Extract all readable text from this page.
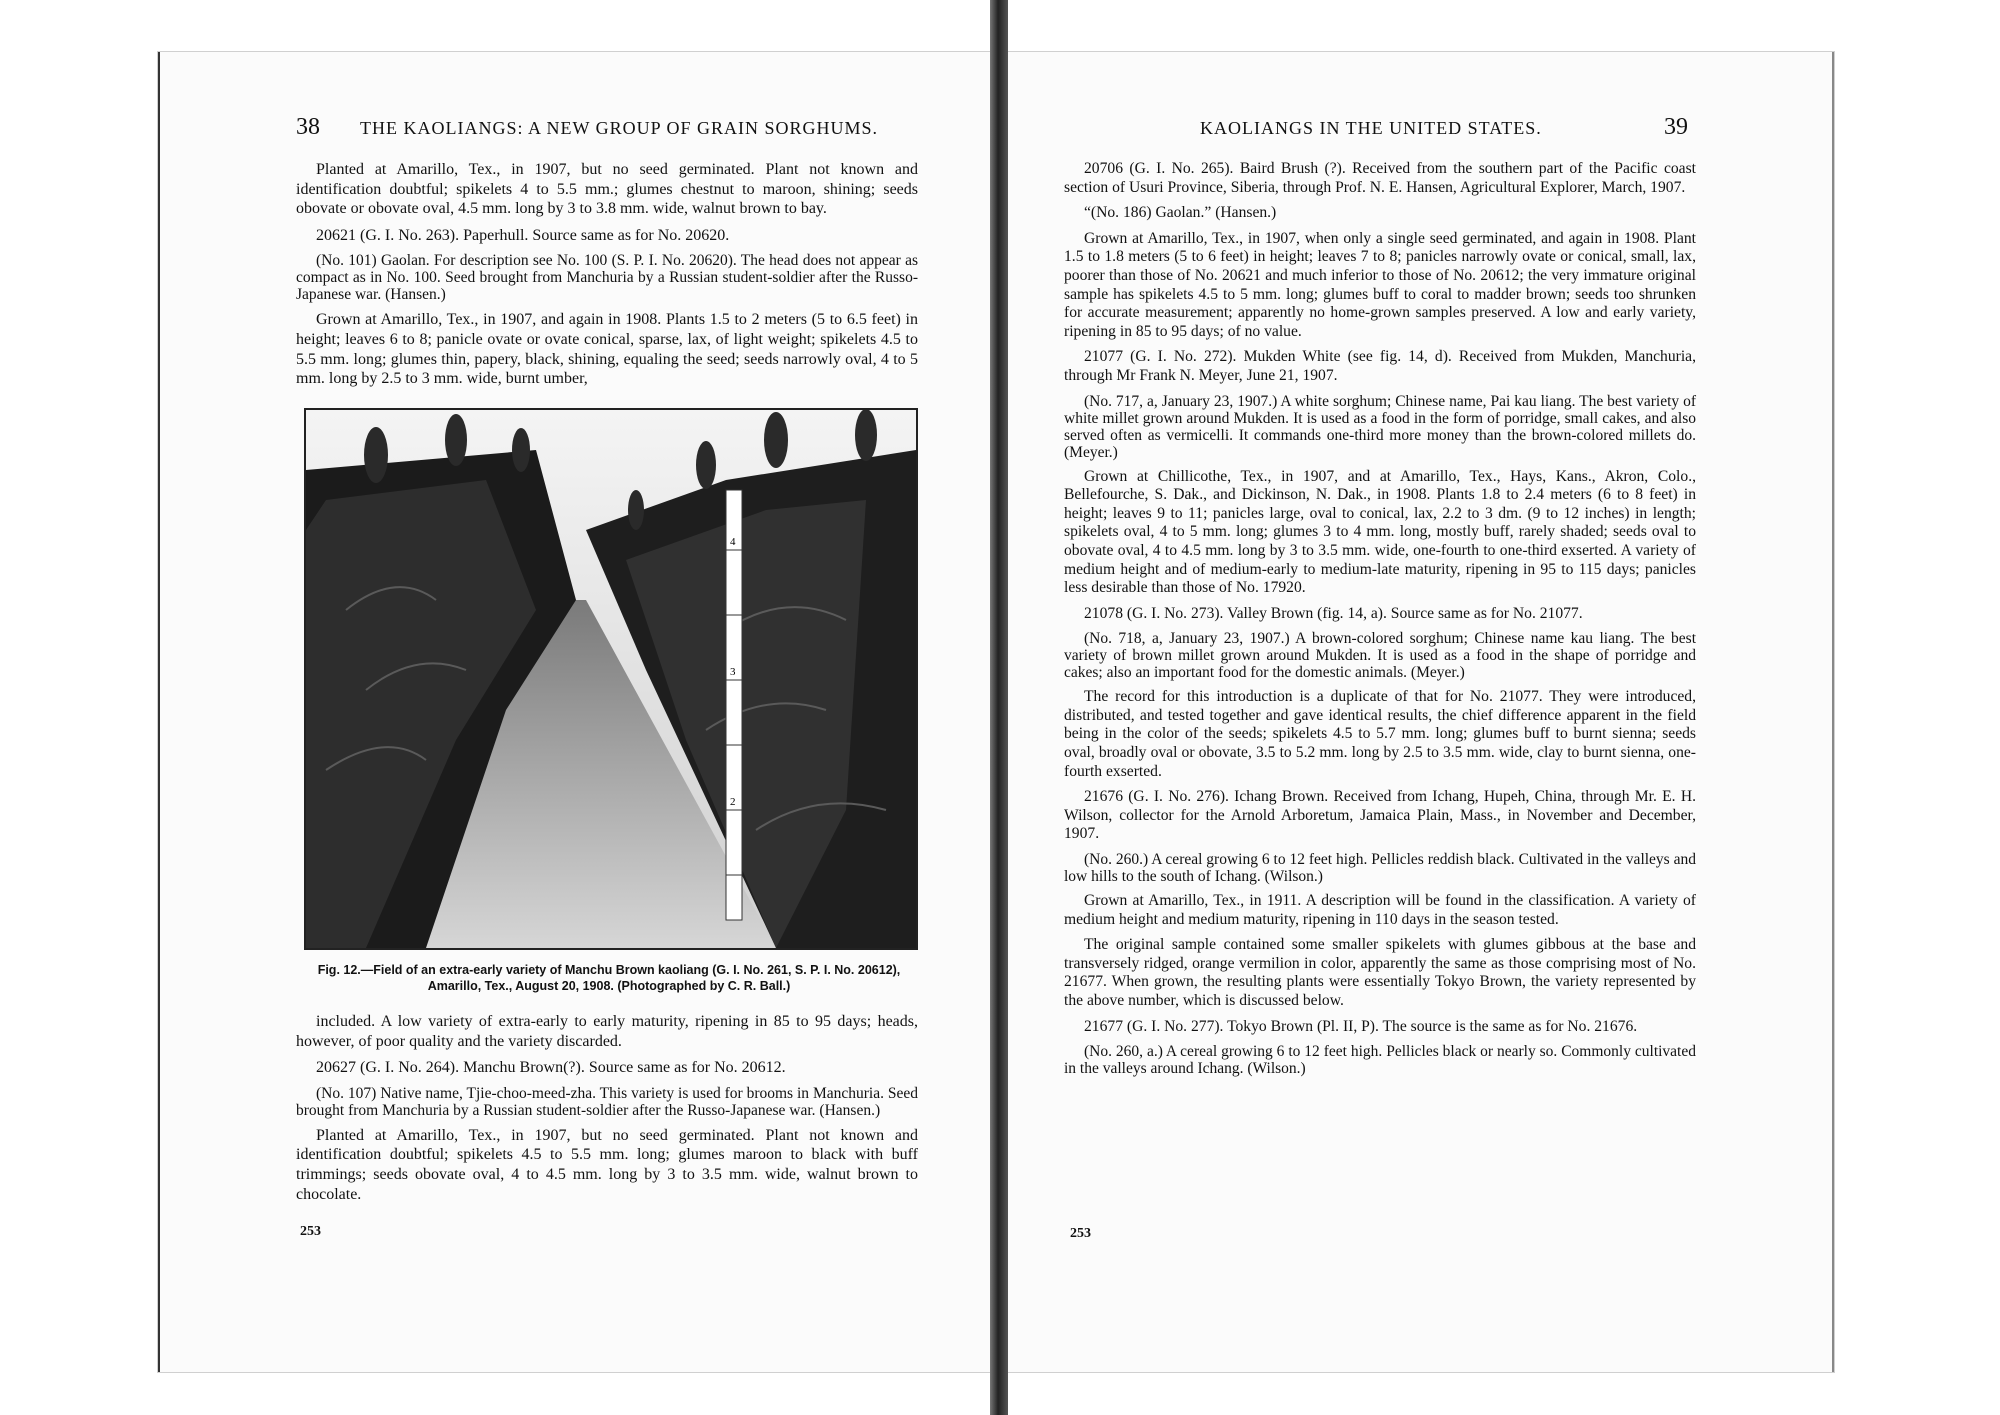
38 THE KAOLIANGS: A NEW GROUP OF GRAIN SORGHUMS.

Planted at Amarillo, Tex., in 1907, but no seed germinated. Plant not known and identification doubtful; spikelets 4 to 5.5 mm.; glumes chestnut to maroon, shining; seeds obovate or obovate oval, 4.5 mm. long by 3 to 3.8 mm. wide, walnut brown to bay.

20621 (G. I. No. 263). Paperhull. Source same as for No. 20620.

(No. 101) Gaolan. For description see No. 100 (S. P. I. No. 20620). The head does not appear as compact as in No. 100. Seed brought from Manchuria by a Russian student-soldier after the Russo-Japanese war. (Hansen.)

Grown at Amarillo, Tex., in 1907, and again in 1908. Plants 1.5 to 2 meters (5 to 6.5 feet) in height; leaves 6 to 8; panicle ovate or ovate conical, sparse, lax, of light weight; spikelets 4.5 to 5.5 mm. long; glumes thin, papery, black, shining, equaling the seed; seeds narrowly oval, 4 to 5 mm. long by 2.5 to 3 mm. wide, burnt umber,

4
3
2
Fig. 12.—Field of an extra-early variety of Manchu Brown kaoliang (G. I. No. 261, S. P. I. No. 20612), Amarillo, Tex., August 20, 1908. (Photographed by C. R. Ball.)

included. A low variety of extra-early to early maturity, ripening in 85 to 95 days; heads, however, of poor quality and the variety discarded.

20627 (G. I. No. 264). Manchu Brown(?). Source same as for No. 20612.

(No. 107) Native name, Tjie-choo-meed-zha. This variety is used for brooms in Manchuria. Seed brought from Manchuria by a Russian student-soldier after the Russo-Japanese war. (Hansen.)

Planted at Amarillo, Tex., in 1907, but no seed germinated. Plant not known and identification doubtful; spikelets 4.5 to 5.5 mm. long; glumes maroon to black with buff trimmings; seeds obovate oval, 4 to 4.5 mm. long by 3 to 3.5 mm. wide, walnut brown to chocolate.

253
KAOLIANGS IN THE UNITED STATES.	39

20706 (G. I. No. 265). Baird Brush (?). Received from the southern part of the Pacific coast section of Usuri Province, Siberia, through Prof. N. E. Hansen, Agricultural Explorer, March, 1907.

“(No. 186) Gaolan.” (Hansen.)

Grown at Amarillo, Tex., in 1907, when only a single seed germinated, and again in 1908. Plant 1.5 to 1.8 meters (5 to 6 feet) in height; leaves 7 to 8; panicles narrowly ovate or conical, small, lax, poorer than those of No. 20621 and much inferior to those of No. 20612; the very immature original sample has spikelets 4.5 to 5 mm. long; glumes buff to coral to madder brown; seeds too shrunken for accurate measurement; apparently no home-grown samples preserved. A low and early variety, ripening in 85 to 95 days; of no value.

21077 (G. I. No. 272). Mukden White (see fig. 14, d). Received from Mukden, Manchuria, through Mr Frank N. Meyer, June 21, 1907.

(No. 717, a, January 23, 1907.) A white sorghum; Chinese name, Pai kau liang. The best variety of white millet grown around Mukden. It is used as a food in the form of porridge, small cakes, and also served often as vermicelli. It commands one-third more money than the brown-colored millets do. (Meyer.)

Grown at Chillicothe, Tex., in 1907, and at Amarillo, Tex., Hays, Kans., Akron, Colo., Bellefourche, S. Dak., and Dickinson, N. Dak., in 1908. Plants 1.8 to 2.4 meters (6 to 8 feet) in height; leaves 9 to 11; panicles large, oval to conical, lax, 2.2 to 3 dm. (9 to 12 inches) in length; spikelets oval, 4 to 5 mm. long; glumes 3 to 4 mm. long, mostly buff, rarely shaded; seeds oval to obovate oval, 4 to 4.5 mm. long by 3 to 3.5 mm. wide, one-fourth to one-third exserted. A variety of medium height and of medium-early to medium-late maturity, ripening in 95 to 115 days; panicles less desirable than those of No. 17920.

21078 (G. I. No. 273). Valley Brown (fig. 14, a). Source same as for No. 21077.

(No. 718, a, January 23, 1907.) A brown-colored sorghum; Chinese name kau liang. The best variety of brown millet grown around Mukden. It is used as a food in the shape of porridge and cakes; also an important food for the domestic animals. (Meyer.)

The record for this introduction is a duplicate of that for No. 21077. They were introduced, distributed, and tested together and gave identical results, the chief difference apparent in the field being in the color of the seeds; spikelets 4.5 to 5.7 mm. long; glumes buff to burnt sienna; seeds oval, broadly oval or obovate, 3.5 to 5.2 mm. long by 2.5 to 3.5 mm. wide, clay to burnt sienna, one-fourth exserted.

21676 (G. I. No. 276). Ichang Brown. Received from Ichang, Hupeh, China, through Mr. E. H. Wilson, collector for the Arnold Arboretum, Jamaica Plain, Mass., in November and December, 1907.

(No. 260.) A cereal growing 6 to 12 feet high. Pellicles reddish black. Cultivated in the valleys and low hills to the south of Ichang. (Wilson.)

Grown at Amarillo, Tex., in 1911. A description will be found in the classification. A variety of medium height and medium maturity, ripening in 110 days in the season tested.

The original sample contained some smaller spikelets with glumes gibbous at the base and transversely ridged, orange vermilion in color, apparently the same as those comprising most of No. 21677. When grown, the resulting plants were essentially Tokyo Brown, the variety represented by the above number, which is discussed below.

21677 (G. I. No. 277). Tokyo Brown (Pl. II, P). The source is the same as for No. 21676.

(No. 260, a.) A cereal growing 6 to 12 feet high. Pellicles black or nearly so. Commonly cultivated in the valleys around Ichang. (Wilson.)

253
